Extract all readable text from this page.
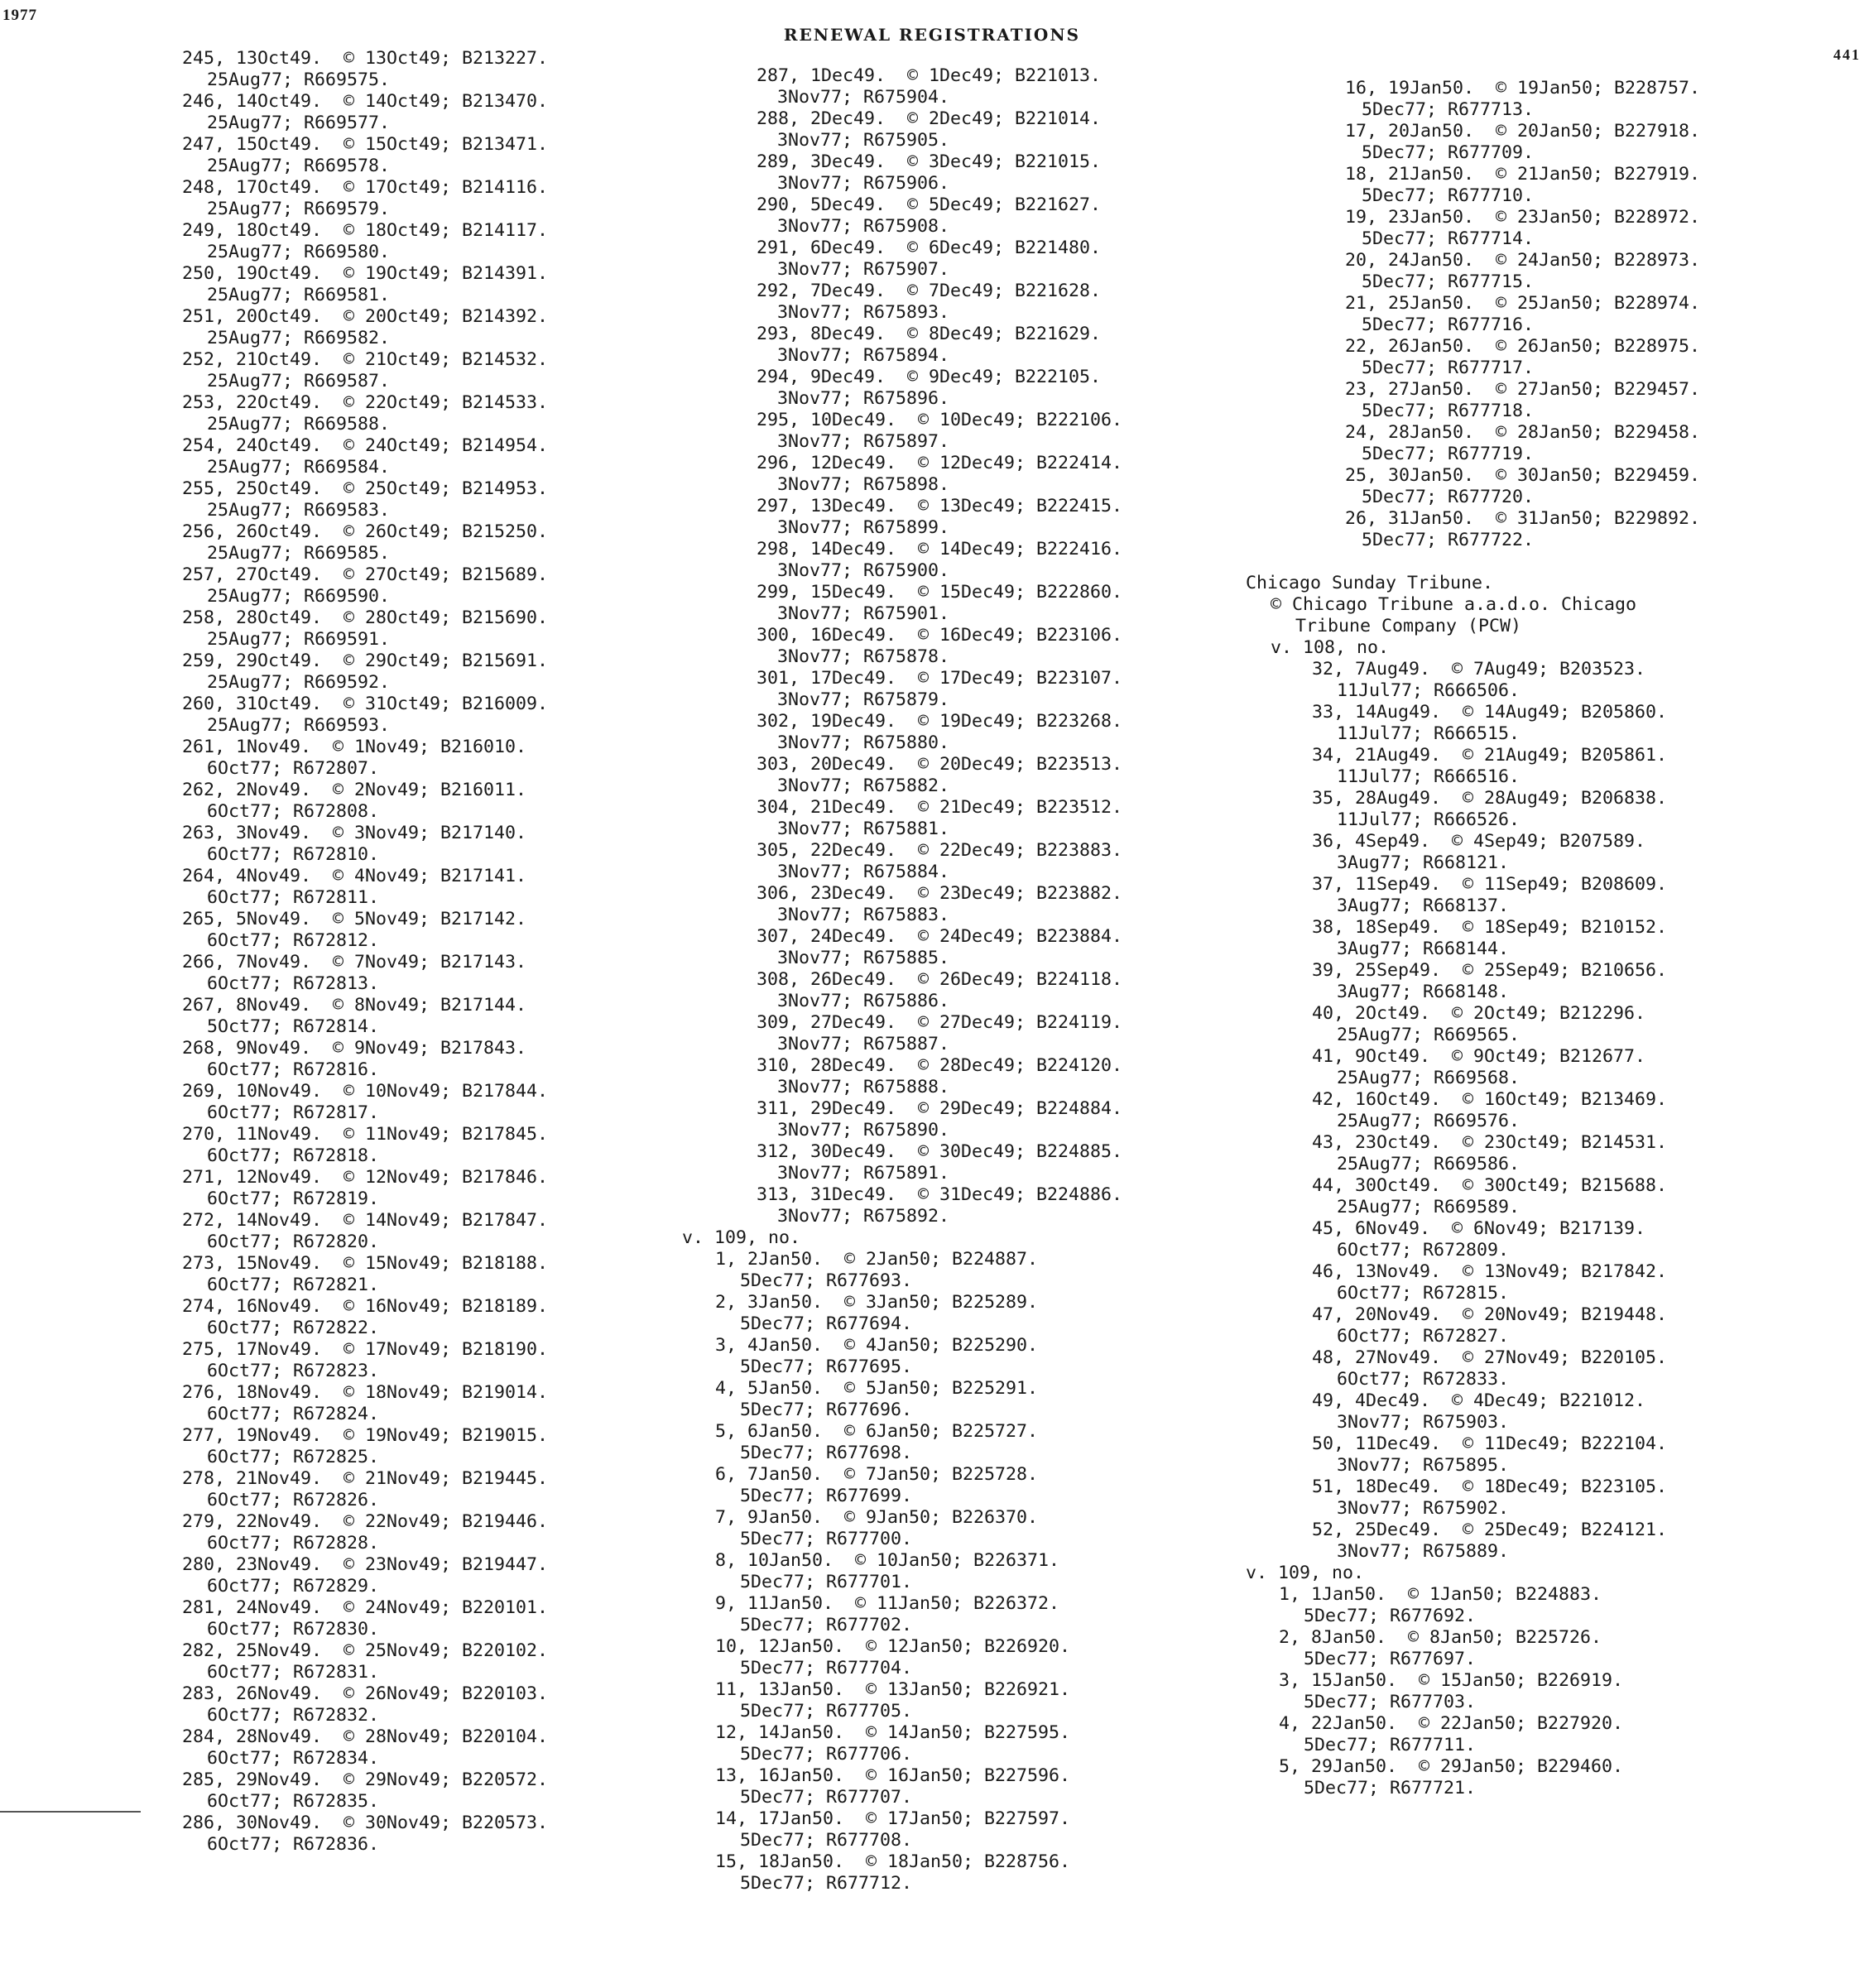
1977
RENEWAL REGISTRATIONS
441
245, 13Oct49.  © 13Oct49; B213227.
25Aug77; R669575.
246, 14Oct49.  © 14Oct49; B213470.
25Aug77; R669577.
247, 15Oct49.  © 15Oct49; B213471.
25Aug77; R669578.
248, 17Oct49.  © 17Oct49; B214116.
25Aug77; R669579.
249, 18Oct49.  © 18Oct49; B214117.
25Aug77; R669580.
250, 19Oct49.  © 19Oct49; B214391.
25Aug77; R669581.
251, 20Oct49.  © 20Oct49; B214392.
25Aug77; R669582.
252, 21Oct49.  © 21Oct49; B214532.
25Aug77; R669587.
253, 22Oct49.  © 22Oct49; B214533.
25Aug77; R669588.
254, 24Oct49.  © 24Oct49; B214954.
25Aug77; R669584.
255, 25Oct49.  © 25Oct49; B214953.
25Aug77; R669583.
256, 26Oct49.  © 26Oct49; B215250.
25Aug77; R669585.
257, 27Oct49.  © 27Oct49; B215689.
25Aug77; R669590.
258, 28Oct49.  © 28Oct49; B215690.
25Aug77; R669591.
259, 29Oct49.  © 29Oct49; B215691.
25Aug77; R669592.
260, 31Oct49.  © 31Oct49; B216009.
25Aug77; R669593.
261, 1Nov49.  © 1Nov49; B216010.
6Oct77; R672807.
262, 2Nov49.  © 2Nov49; B216011.
6Oct77; R672808.
263, 3Nov49.  © 3Nov49; B217140.
6Oct77; R672810.
264, 4Nov49.  © 4Nov49; B217141.
6Oct77; R672811.
265, 5Nov49.  © 5Nov49; B217142.
6Oct77; R672812.
266, 7Nov49.  © 7Nov49; B217143.
6Oct77; R672813.
267, 8Nov49.  © 8Nov49; B217144.
5Oct77; R672814.
268, 9Nov49.  © 9Nov49; B217843.
6Oct77; R672816.
269, 10Nov49.  © 10Nov49; B217844.
6Oct77; R672817.
270, 11Nov49.  © 11Nov49; B217845.
6Oct77; R672818.
271, 12Nov49.  © 12Nov49; B217846.
6Oct77; R672819.
272, 14Nov49.  © 14Nov49; B217847.
6Oct77; R672820.
273, 15Nov49.  © 15Nov49; B218188.
6Oct77; R672821.
274, 16Nov49.  © 16Nov49; B218189.
6Oct77; R672822.
275, 17Nov49.  © 17Nov49; B218190.
6Oct77; R672823.
276, 18Nov49.  © 18Nov49; B219014.
6Oct77; R672824.
277, 19Nov49.  © 19Nov49; B219015.
6Oct77; R672825.
278, 21Nov49.  © 21Nov49; B219445.
6Oct77; R672826.
279, 22Nov49.  © 22Nov49; B219446.
6Oct77; R672828.
280, 23Nov49.  © 23Nov49; B219447.
6Oct77; R672829.
281, 24Nov49.  © 24Nov49; B220101.
6Oct77; R672830.
282, 25Nov49.  © 25Nov49; B220102.
6Oct77; R672831.
283, 26Nov49.  © 26Nov49; B220103.
6Oct77; R672832.
284, 28Nov49.  © 28Nov49; B220104.
6Oct77; R672834.
285, 29Nov49.  © 29Nov49; B220572.
6Oct77; R672835.
286, 30Nov49.  © 30Nov49; B220573.
6Oct77; R672836.
287, 1Dec49.  © 1Dec49; B221013.
3Nov77; R675904.
288, 2Dec49.  © 2Dec49; B221014.
3Nov77; R675905.
289, 3Dec49.  © 3Dec49; B221015.
3Nov77; R675906.
290, 5Dec49.  © 5Dec49; B221627.
3Nov77; R675908.
291, 6Dec49.  © 6Dec49; B221480.
3Nov77; R675907.
292, 7Dec49.  © 7Dec49; B221628.
3Nov77; R675893.
293, 8Dec49.  © 8Dec49; B221629.
3Nov77; R675894.
294, 9Dec49.  © 9Dec49; B222105.
3Nov77; R675896.
295, 10Dec49.  © 10Dec49; B222106.
3Nov77; R675897.
296, 12Dec49.  © 12Dec49; B222414.
3Nov77; R675898.
297, 13Dec49.  © 13Dec49; B222415.
3Nov77; R675899.
298, 14Dec49.  © 14Dec49; B222416.
3Nov77; R675900.
299, 15Dec49.  © 15Dec49; B222860.
3Nov77; R675901.
300, 16Dec49.  © 16Dec49; B223106.
3Nov77; R675878.
301, 17Dec49.  © 17Dec49; B223107.
3Nov77; R675879.
302, 19Dec49.  © 19Dec49; B223268.
3Nov77; R675880.
303, 20Dec49.  © 20Dec49; B223513.
3Nov77; R675882.
304, 21Dec49.  © 21Dec49; B223512.
3Nov77; R675881.
305, 22Dec49.  © 22Dec49; B223883.
3Nov77; R675884.
306, 23Dec49.  © 23Dec49; B223882.
3Nov77; R675883.
307, 24Dec49.  © 24Dec49; B223884.
3Nov77; R675885.
308, 26Dec49.  © 26Dec49; B224118.
3Nov77; R675886.
309, 27Dec49.  © 27Dec49; B224119.
3Nov77; R675887.
310, 28Dec49.  © 28Dec49; B224120.
3Nov77; R675888.
311, 29Dec49.  © 29Dec49; B224884.
3Nov77; R675890.
312, 30Dec49.  © 30Dec49; B224885.
3Nov77; R675891.
313, 31Dec49.  © 31Dec49; B224886.
3Nov77; R675892.
v. 109, no.
1, 2Jan50.  © 2Jan50; B224887.
5Dec77; R677693.
2, 3Jan50.  © 3Jan50; B225289.
5Dec77; R677694.
3, 4Jan50.  © 4Jan50; B225290.
5Dec77; R677695.
4, 5Jan50.  © 5Jan50; B225291.
5Dec77; R677696.
5, 6Jan50.  © 6Jan50; B225727.
5Dec77; R677698.
6, 7Jan50.  © 7Jan50; B225728.
5Dec77; R677699.
7, 9Jan50.  © 9Jan50; B226370.
5Dec77; R677700.
8, 10Jan50.  © 10Jan50; B226371.
5Dec77; R677701.
9, 11Jan50.  © 11Jan50; B226372.
5Dec77; R677702.
10, 12Jan50.  © 12Jan50; B226920.
5Dec77; R677704.
11, 13Jan50.  © 13Jan50; B226921.
5Dec77; R677705.
12, 14Jan50.  © 14Jan50; B227595.
5Dec77; R677706.
13, 16Jan50.  © 16Jan50; B227596.
5Dec77; R677707.
14, 17Jan50.  © 17Jan50; B227597.
5Dec77; R677708.
15, 18Jan50.  © 18Jan50; B228756.
5Dec77; R677712.
16, 19Jan50.  © 19Jan50; B228757.
5Dec77; R677713.
17, 20Jan50.  © 20Jan50; B227918.
5Dec77; R677709.
18, 21Jan50.  © 21Jan50; B227919.
5Dec77; R677710.
19, 23Jan50.  © 23Jan50; B228972.
5Dec77; R677714.
20, 24Jan50.  © 24Jan50; B228973.
5Dec77; R677715.
21, 25Jan50.  © 25Jan50; B228974.
5Dec77; R677716.
22, 26Jan50.  © 26Jan50; B228975.
5Dec77; R677717.
23, 27Jan50.  © 27Jan50; B229457.
5Dec77; R677718.
24, 28Jan50.  © 28Jan50; B229458.
5Dec77; R677719.
25, 30Jan50.  © 30Jan50; B229459.
5Dec77; R677720.
26, 31Jan50.  © 31Jan50; B229892.
5Dec77; R677722.
Chicago Sunday Tribune.
© Chicago Tribune a.a.d.o. Chicago
Tribune Company (PCW)
v. 108, no.
32, 7Aug49.  © 7Aug49; B203523.
11Jul77; R666506.
33, 14Aug49.  © 14Aug49; B205860.
11Jul77; R666515.
34, 21Aug49.  © 21Aug49; B205861.
11Jul77; R666516.
35, 28Aug49.  © 28Aug49; B206838.
11Jul77; R666526.
36, 4Sep49.  © 4Sep49; B207589.
3Aug77; R668121.
37, 11Sep49.  © 11Sep49; B208609.
3Aug77; R668137.
38, 18Sep49.  © 18Sep49; B210152.
3Aug77; R668144.
39, 25Sep49.  © 25Sep49; B210656.
3Aug77; R668148.
40, 2Oct49.  © 2Oct49; B212296.
25Aug77; R669565.
41, 9Oct49.  © 9Oct49; B212677.
25Aug77; R669568.
42, 16Oct49.  © 16Oct49; B213469.
25Aug77; R669576.
43, 23Oct49.  © 23Oct49; B214531.
25Aug77; R669586.
44, 30Oct49.  © 30Oct49; B215688.
25Aug77; R669589.
45, 6Nov49.  © 6Nov49; B217139.
6Oct77; R672809.
46, 13Nov49.  © 13Nov49; B217842.
6Oct77; R672815.
47, 20Nov49.  © 20Nov49; B219448.
6Oct77; R672827.
48, 27Nov49.  © 27Nov49; B220105.
6Oct77; R672833.
49, 4Dec49.  © 4Dec49; B221012.
3Nov77; R675903.
50, 11Dec49.  © 11Dec49; B222104.
3Nov77; R675895.
51, 18Dec49.  © 18Dec49; B223105.
3Nov77; R675902.
52, 25Dec49.  © 25Dec49; B224121.
3Nov77; R675889.
v. 109, no.
1, 1Jan50.  © 1Jan50; B224883.
5Dec77; R677692.
2, 8Jan50.  © 8Jan50; B225726.
5Dec77; R677697.
3, 15Jan50.  © 15Jan50; B226919.
5Dec77; R677703.
4, 22Jan50.  © 22Jan50; B227920.
5Dec77; R677711.
5, 29Jan50.  © 29Jan50; B229460.
5Dec77; R677721.
